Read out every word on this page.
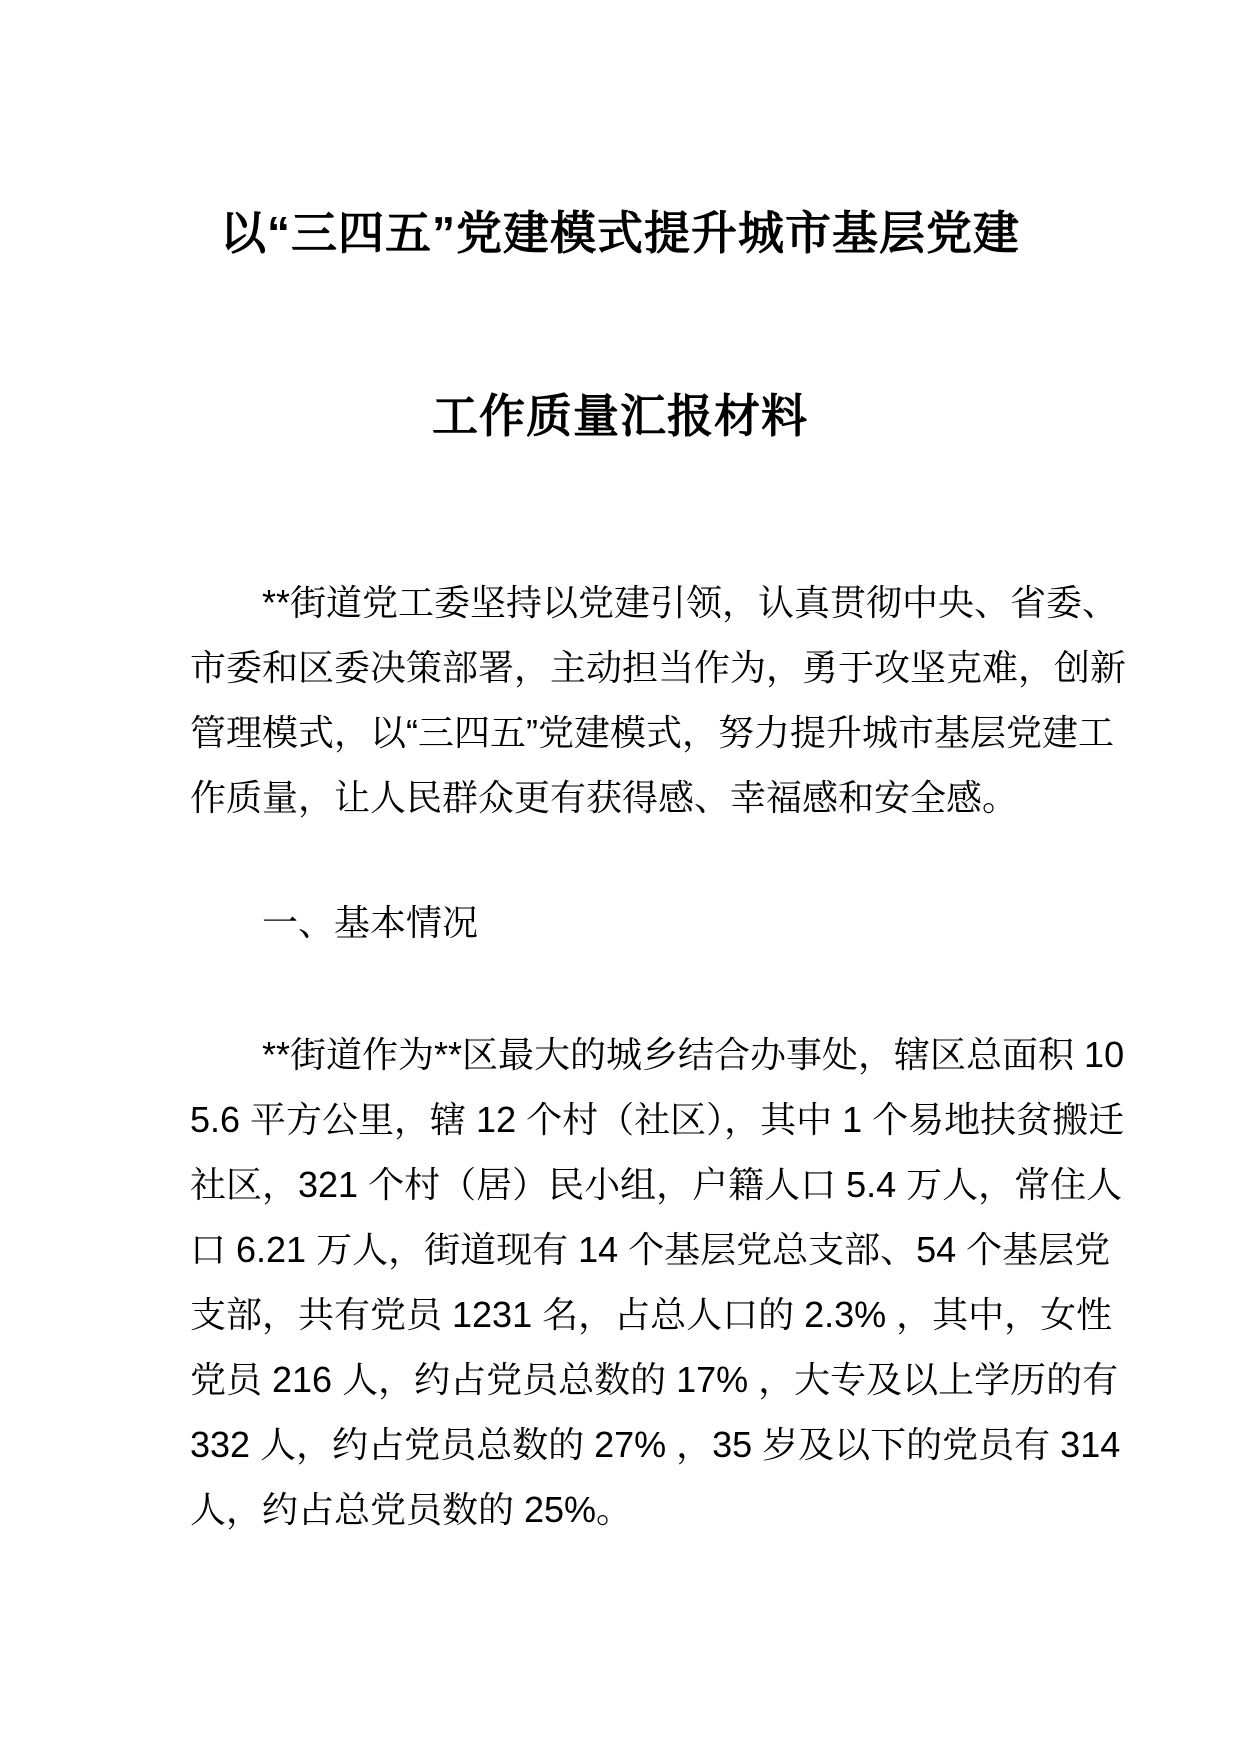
以“三四五”党建模式提升城市基层党建
工作质量汇报材料

**街道党工委坚持以党建引领，认真贯彻中央、省委、市委和区委决策部署，主动担当作为，勇于攻坚克难，创新管理模式，以“三四五”党建模式，努力提升城市基层党建工作质量，让人民群众更有获得感、幸福感和安全感。

一、基本情况

**街道作为**区最大的城乡结合办事处，辖区总面积 105.6 平方公里，辖 12 个村（社区），其中 1 个易地扶贫搬迁社区，321 个村（居）民小组，户籍人口 5.4 万人，常住人口 6.21 万人，街道现有 14 个基层党总支部、54 个基层党支部，共有党员 1231 名，占总人口的 2.3% ，其中，女性党员 216 人，约占党员总数的 17% ，大专及以上学历的有 332 人，约占党员总数的 27% ，35 岁及以下的党员有 314 人，约占总党员数的 25%。
